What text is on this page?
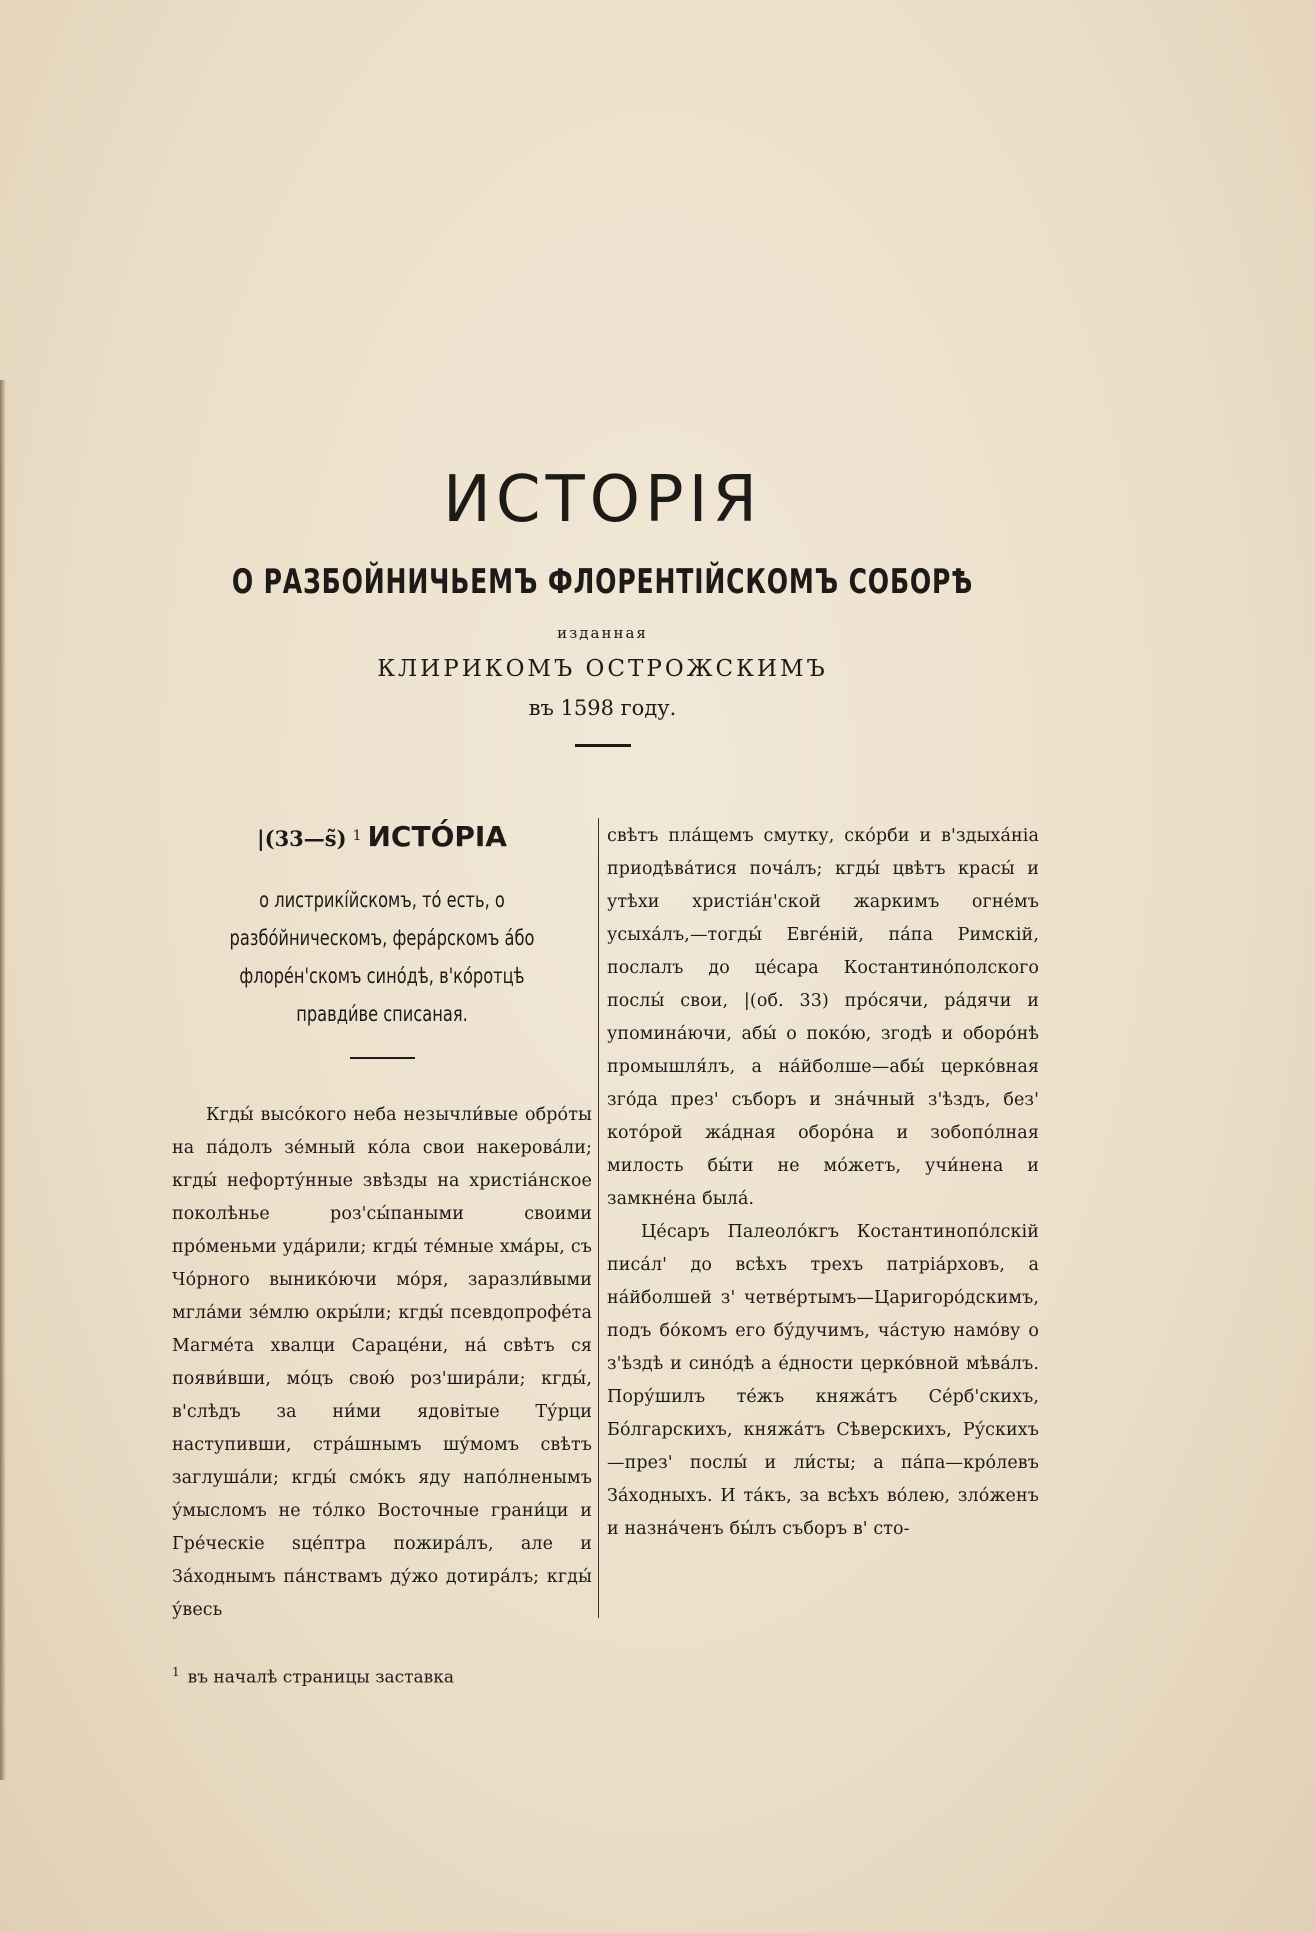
ИСТОРІЯ
О РАЗБОЙНИЧЬЕМЪ ФЛОРЕНТІЙСКОМЪ СОБОРѢ
изданная
КЛИРИКОМЪ ОСТРОЖСКИМЪ
въ 1598 году.
|(33—ѕ̃) 1 ИСТО́РІА
о листрикі́йскомъ, то́ есть, о разбо́йническомъ, фера́рскомъ а́бо флоре́н'скомъ сино́дѣ, в'ко́ротцѣ правди́ве списаная.

Кгды́ высо́кого неба незычли́вые обро́ты на па́долъ зе́мный ко́ла свои накерова́ли; кгды́ нефорту́нные звѣзды на христіа́нское поколѣнье роз'сы́паными своими про́меньми уда́рили; кгды́ те́мные хма́ры, съ Чо́рного вынико́ючи мо́ря, заразли́выми мгла́ми зе́млю окры́ли; кгды́ псевдопрофе́та Магме́та хвалци Сараце́ни, на́ свѣтъ ся появи́вши, мо́цъ свою́ роз'шира́ли; кгды́, в'слѣдъ за ни́ми ядовітые Ту́рци наступивши, стра́шнымъ шу́момъ свѣтъ заглуша́ли; кгды́ смо́къ яду напо́лненымъ у́мысломъ не то́лко Восточные грани́ци и Гре́ческіе sце́птра пожира́лъ, але и За́ходнымъ па́нствамъ ду́жо дотира́лъ; кгды́ у́весь

свѣтъ пла́щемъ смутку, ско́рби и в'здыха́ніа приодѣва́тися поча́лъ; кгды́ цвѣтъ красы́ и утѣхи христіа́н'ской жаркимъ огне́мъ усыха́лъ,—тогды́ Евге́ній, па́па Римскій, послалъ до це́сара Костантино́полского послы́ свои, |(об. 33) про́сячи, ра́дячи и упомина́ючи, абы́ о поко́ю, згодѣ и оборо́нѣ промышля́лъ, а на́йболше—абы́ церко́вная зго́да през' съборъ и зна́чный з'ѣздъ, без' кото́рой жа́дная оборо́на и зобопо́лная милость бы́ти не мо́жетъ, учи́нена и замкне́на была́.

Це́саръ Палеоло́кгъ Костантинопо́лскій писа́л' до всѣхъ трехъ патріа́рховъ, а на́йболшей з' четве́ртымъ—Царигоро́дскимъ, подъ бо́комъ его бу́дучимъ, ча́стую намо́ву о з'ѣздѣ и сино́дѣ а е́дности церко́вной мѣва́лъ. Пору́шилъ те́жъ княжа́тъ Се́рб'скихъ, Бо́лгарскихъ, княжа́тъ Сѣверскихъ, Ру́скихъ—през' послы́ и ли́сты; а па́па—кро́левъ За́ходныхъ. И та́къ, за всѣхъ во́лею, зло́женъ и назна́ченъ бы́лъ съборъ в' сто-

$^1$ въ началѣ страницы заставка
